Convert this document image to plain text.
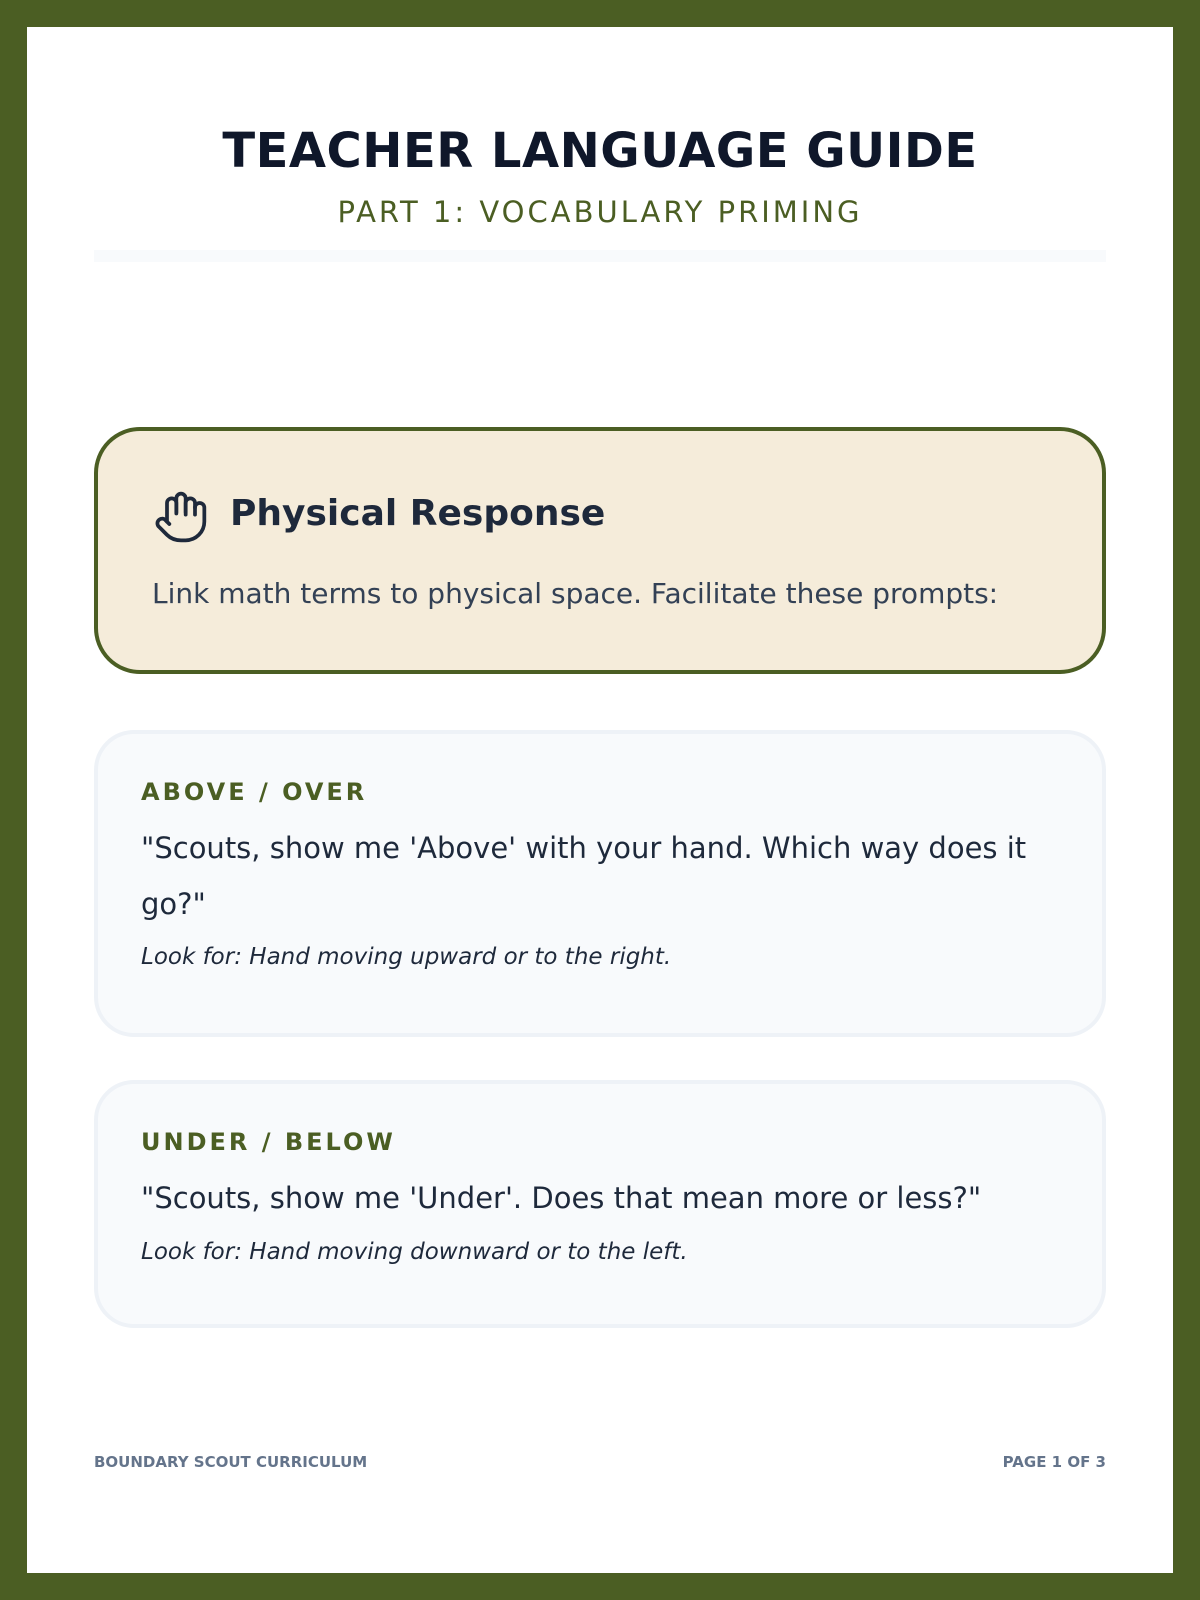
TEACHER LANGUAGE GUIDE

PART 1: VOCABULARY PRIMING

Physical Response

Link math terms to physical space. Facilitate these prompts:

ABOVE / OVER

"Scouts, show me 'Above' with your hand. Which way does it go?"

Look for: Hand moving upward or to the right.

UNDER / BELOW

"Scouts, show me 'Under'. Does that mean more or less?"

Look for: Hand moving downward or to the left.

BOUNDARY SCOUT CURRICULUM	PAGE 1 OF 3
